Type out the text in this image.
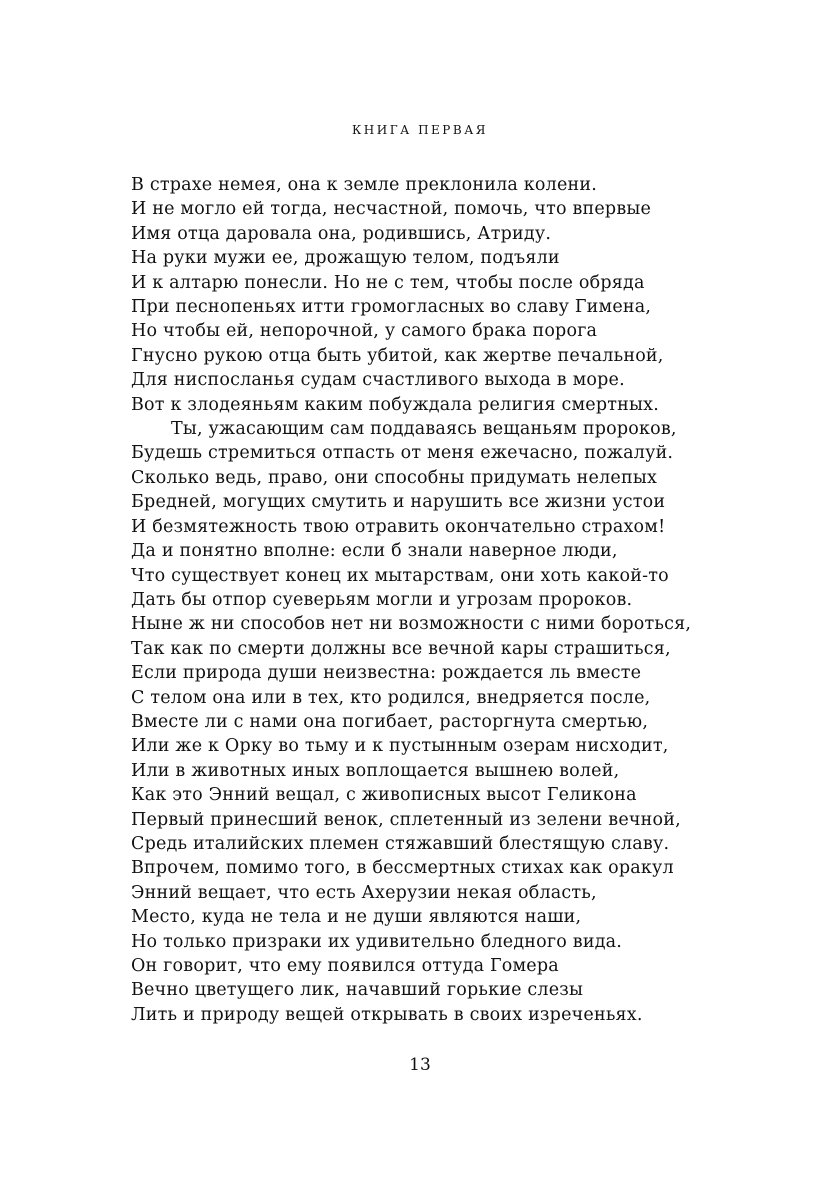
КНИГА ПЕРВАЯ
В страхе немея, она к земле преклонила колени.
И не могло ей тогда, несчастной, помочь, что впервые
Имя отца даровала она, родившись, Атриду.
На руки мужи ее, дрожащую телом, подъяли
И к алтарю понесли. Но не с тем, чтобы после обряда
При песнопеньях итти громогласных во славу Гимена,
Но чтобы ей, непорочной, у самого брака порога
Гнусно рукою отца быть убитой, как жертве печальной,
Для ниспосланья судам счастливого выхода в море.
Вот к злодеяньям каким побуждала религия смертных.
Ты, ужасающим сам поддаваясь вещаньям пророков,
Будешь стремиться отпасть от меня ежечасно, пожалуй.
Сколько ведь, право, они способны придумать нелепых
Бредней, могущих смутить и нарушить все жизни устои
И безмятежность твою отравить окончательно страхом!
Да и понятно вполне: если б знали наверное люди,
Что существует конец их мытарствам, они хоть какой-то
Дать бы отпор суеверьям могли и угрозам пророков.
Ныне ж ни способов нет ни возможности с ними бороться,
Так как по смерти должны все вечной кары страшиться,
Если природа души неизвестна: рождается ль вместе
С телом она или в тех, кто родился, внедряется после,
Вместе ли с нами она погибает, расторгнута смертью,
Или же к Орку во тьму и к пустынным озерам нисходит,
Или в животных иных воплощается вышнею волей,
Как это Энний вещал, с живописных высот Геликона
Первый принесший венок, сплетенный из зелени вечной,
Средь италийских племен стяжавший блестящую славу.
Впрочем, помимо того, в бессмертных стихах как оракул
Энний вещает, что есть Ахерузии некая область,
Место, куда не тела и не души являются наши,
Но только призраки их удивительно бледного вида.
Он говорит, что ему появился оттуда Гомера
Вечно цветущего лик, начавший горькие слезы
Лить и природу вещей открывать в своих изреченьях.
13
